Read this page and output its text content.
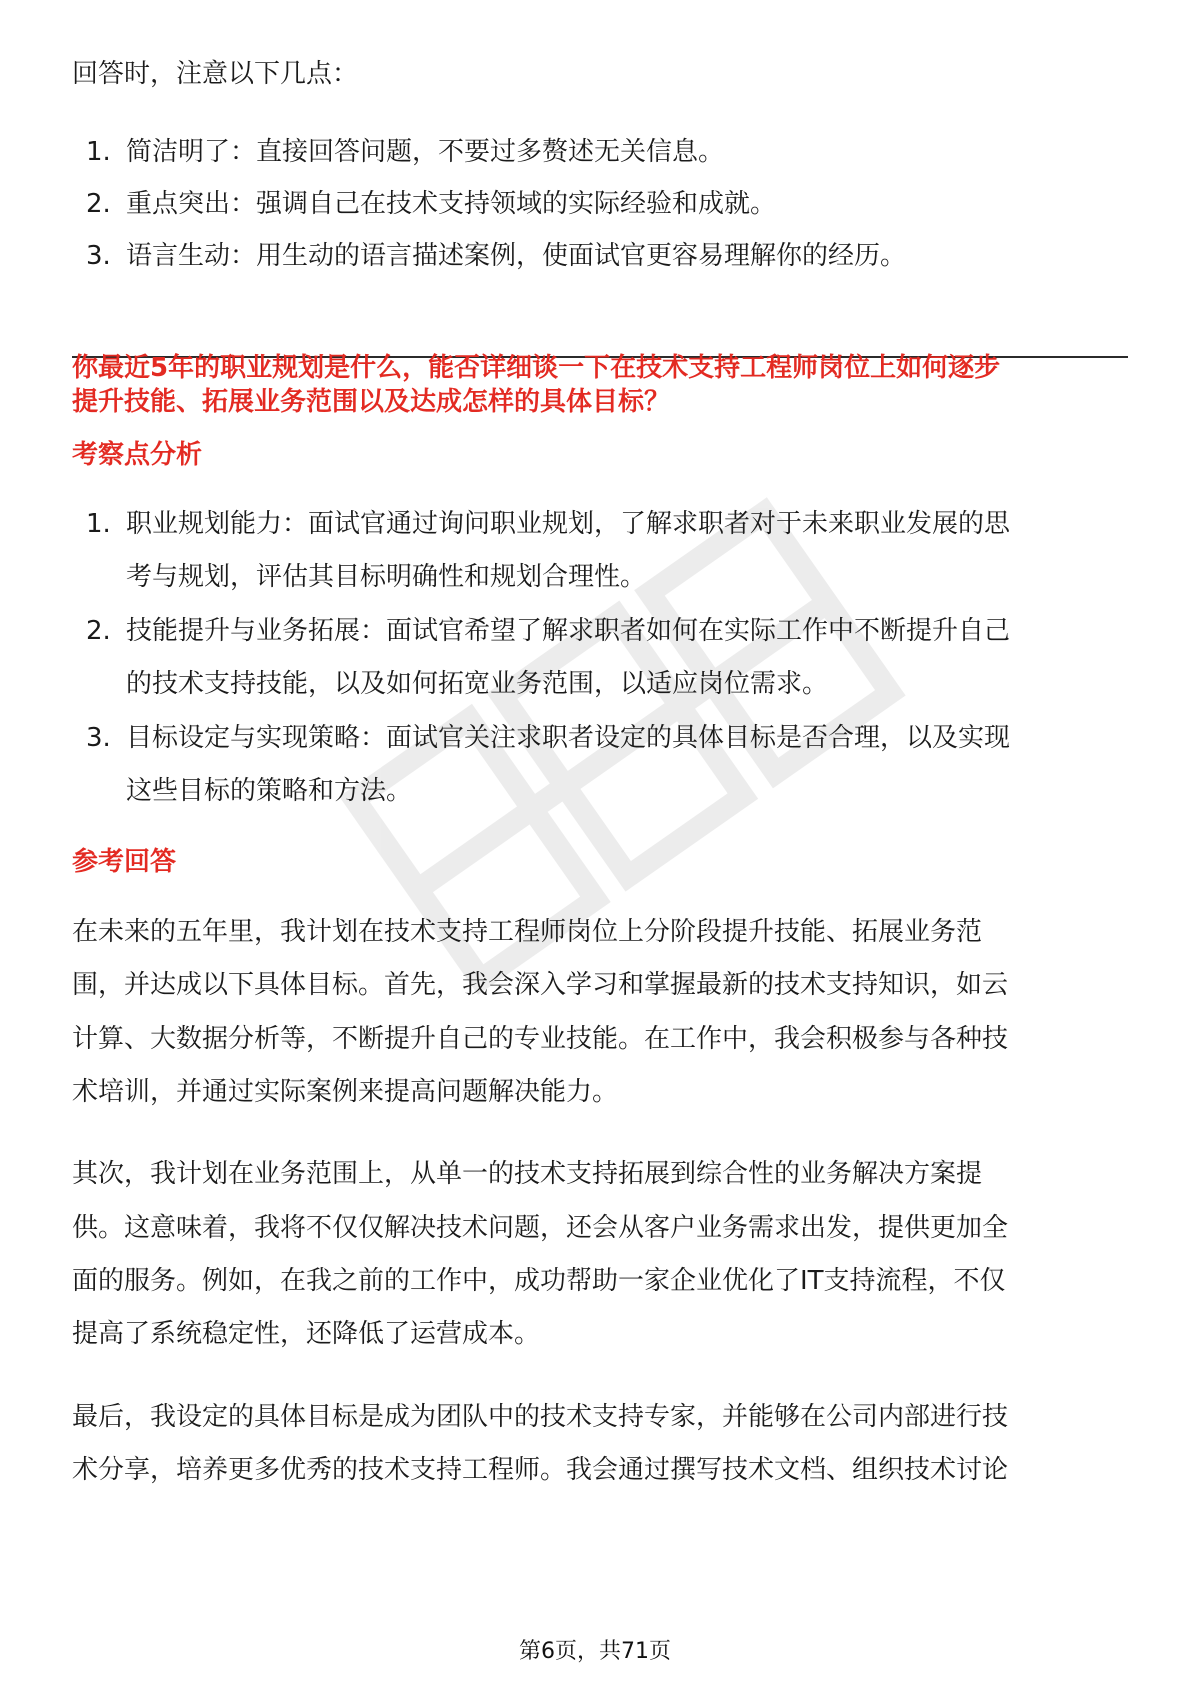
回答时，注意以下几点：
1. 简洁明了：直接回答问题，不要过多赘述无关信息。
2. 重点突出：强调自己在技术支持领域的实际经验和成就。
3. 语言生动：用生动的语言描述案例，使面试官更容易理解你的经历。
你最近5年的职业规划是什么，能否详细谈一下在技术支持工程师岗位上如何逐步
提升技能、拓展业务范围以及达成怎样的具体目标？
考察点分析
1. 职业规划能力：面试官通过询问职业规划，了解求职者对于未来职业发展的思
考与规划，评估其目标明确性和规划合理性。
2. 技能提升与业务拓展：面试官希望了解求职者如何在实际工作中不断提升自己
的技术支持技能，以及如何拓宽业务范围，以适应岗位需求。
3. 目标设定与实现策略：面试官关注求职者设定的具体目标是否合理，以及实现
这些目标的策略和方法。
参考回答
在未来的五年里，我计划在技术支持工程师岗位上分阶段提升技能、拓展业务范
围，并达成以下具体目标。首先，我会深入学习和掌握最新的技术支持知识，如云
计算、大数据分析等，不断提升自己的专业技能。在工作中，我会积极参与各种技
术培训，并通过实际案例来提高问题解决能力。
其次，我计划在业务范围上，从单一的技术支持拓展到综合性的业务解决方案提
供。这意味着，我将不仅仅解决技术问题，还会从客户业务需求出发，提供更加全
面的服务。例如，在我之前的工作中，成功帮助一家企业优化了IT支持流程，不仅
提高了系统稳定性，还降低了运营成本。
最后，我设定的具体目标是成为团队中的技术支持专家，并能够在公司内部进行技
术分享，培养更多优秀的技术支持工程师。我会通过撰写技术文档、组织技术讨论
第6页，共71页
